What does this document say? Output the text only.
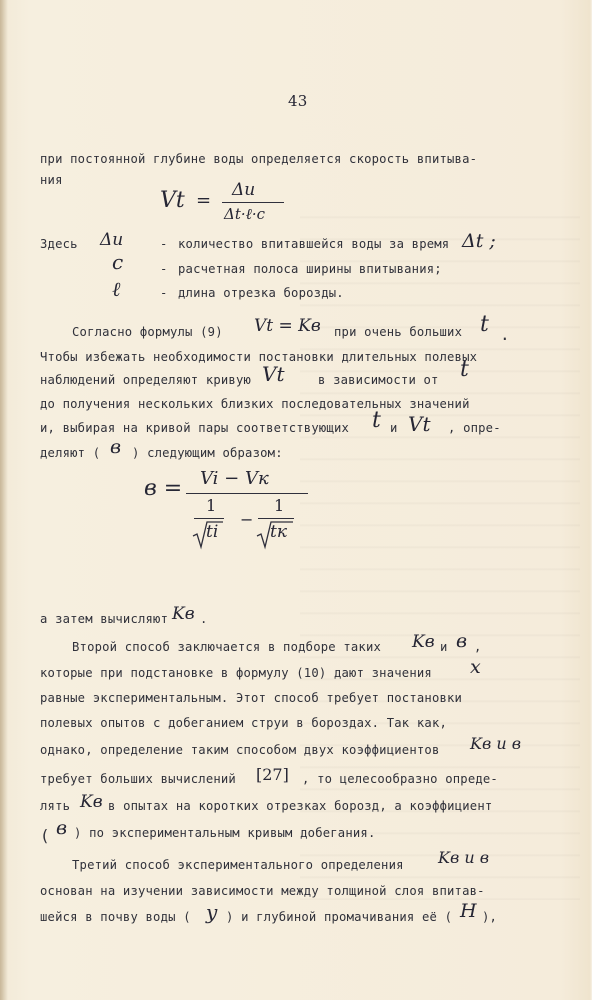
43
при постоянной глубине воды определяется скорость впитыва-
ния
Vt = Δu
Δt·ℓ·c
Здесь Δu	- количество впитавшейся воды за время Δt ;
c	- расчетная полоса ширины впитывания;
ℓ	- длина отрезка борозды.
Согласно формулы (9) Vt = Kв при очень больших t .
Чтобы избежать необходимости постановки длительных полевых
наблюдений определяют кривую Vt	в зависимости от t
до получения нескольких близких последовательных значений
и, выбирая на кривой пары соответствующих t и Vt , опре-
деляют ( в ) следующим образом:
в = Vi − Vк
1
ti
−
1
tк
а затем вычисляют Kв .
Второй способ заключается в подборе таких Kв и в ,
которые при подстановке в формулу (10) дают значения x
равные экспериментальным. Этот способ требует постановки
полевых опытов с добеганием струи в бороздах. Так как,
однако, определение таким способом двух коэффициентов Kв и в
требует больших вычислений [27] , то целесообразно опреде-
лять Kв в опытах на коротких отрезках борозд, а коэффициент
( в ) по экспериментальным кривым добегания.
Третий способ экспериментального определения Kв и в
основан на изучении зависимости между толщиной слоя впитав-
шейся в почву воды ( y ) и глубиной промачивания её ( H ),
